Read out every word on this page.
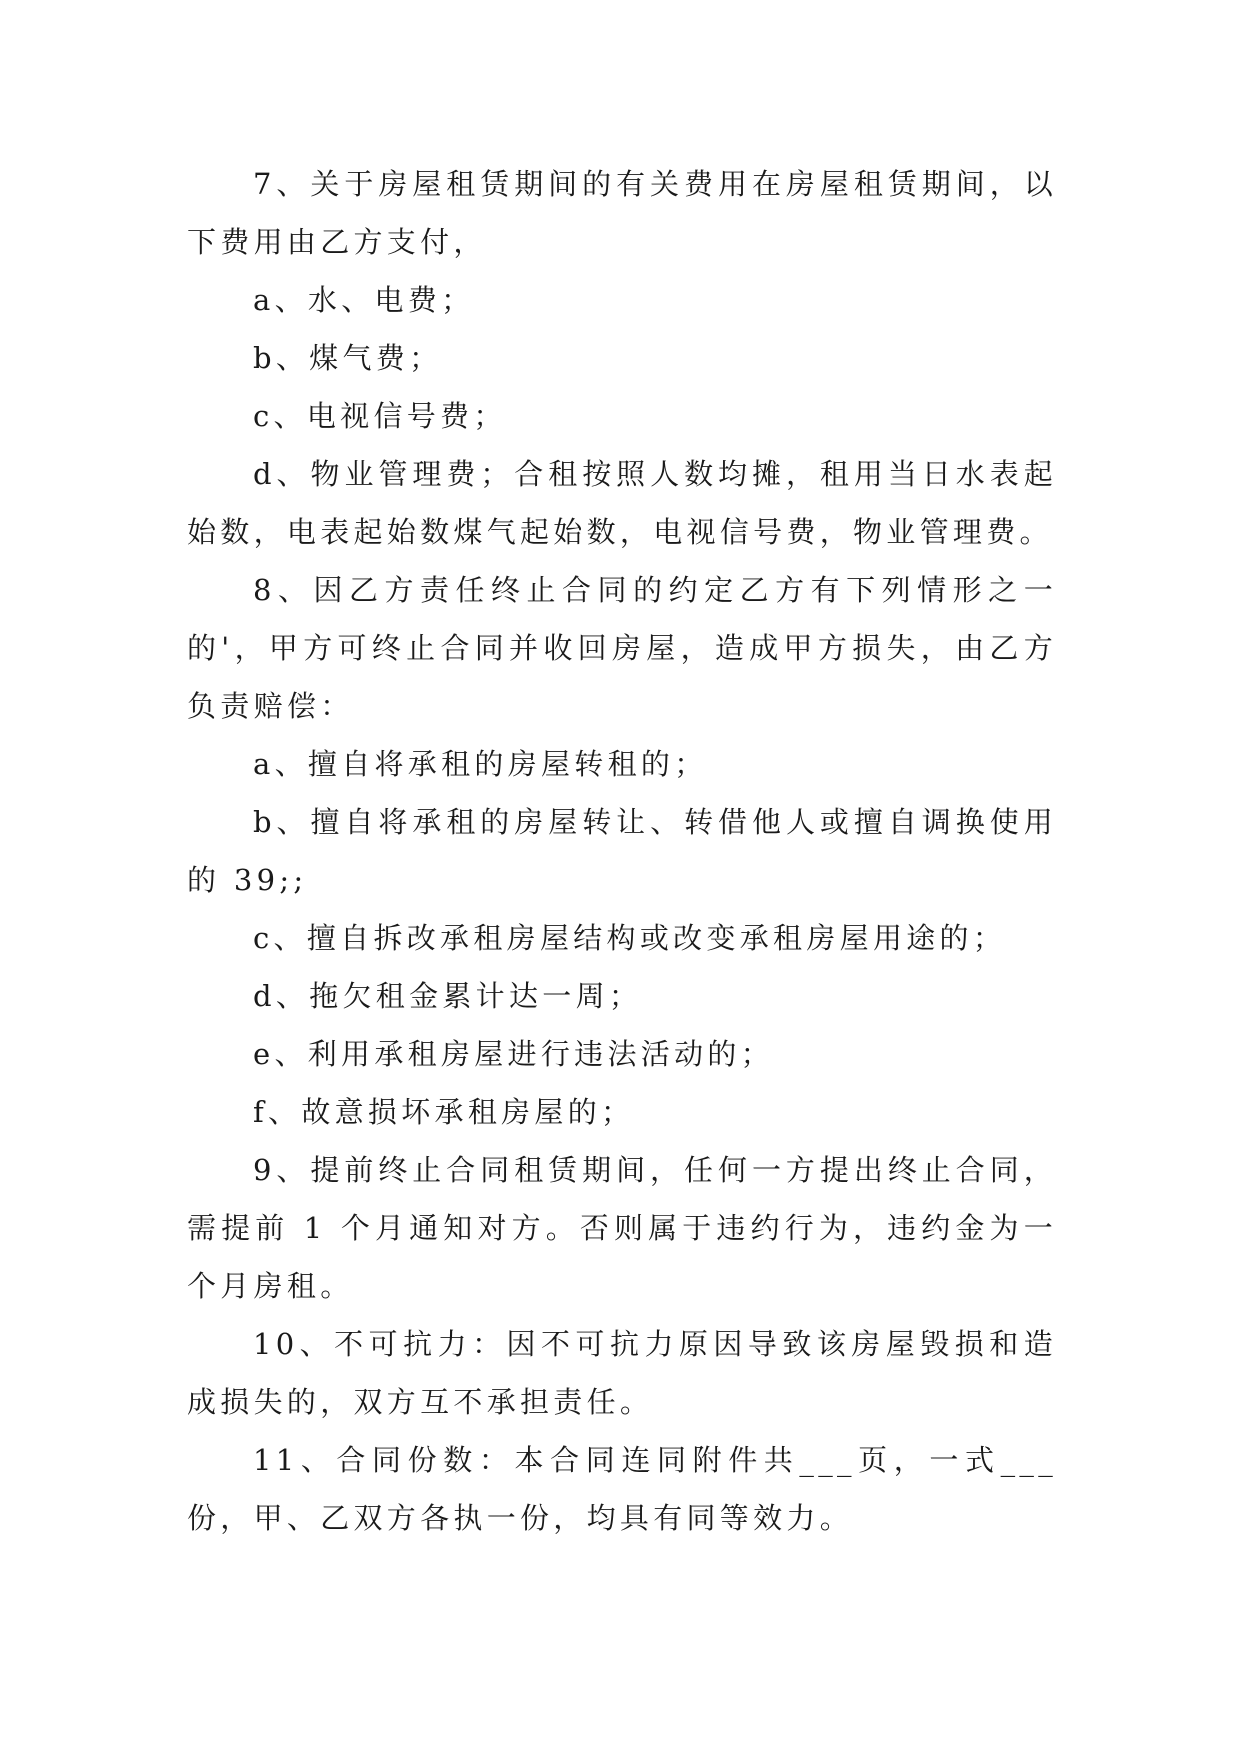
7、关于房屋租赁期间的有关费用在房屋租赁期间，以下费用由乙方支付，

a、水、电费；

b、煤气费；

c、电视信号费；

d、物业管理费；合租按照人数均摊，租用当日水表起始数，电表起始数煤气起始数，电视信号费，物业管理费。

8、因乙方责任终止合同的约定乙方有下列情形之一的'，甲方可终止合同并收回房屋，造成甲方损失，由乙方负责赔偿：

a、擅自将承租的房屋转租的；

b、擅自将承租的房屋转让、转借他人或擅自调换使用的 39;;

c、擅自拆改承租房屋结构或改变承租房屋用途的；

d、拖欠租金累计达一周；

e、利用承租房屋进行违法活动的；

f、故意损坏承租房屋的；

9、提前终止合同租赁期间，任何一方提出终止合同，需提前 1 个月通知对方。否则属于违约行为，违约金为一个月房租。

10、不可抗力：因不可抗力原因导致该房屋毁损和造成损失的，双方互不承担责任。

11、合同份数：本合同连同附件共___页，一式___份，甲、乙双方各执一份，均具有同等效力。
